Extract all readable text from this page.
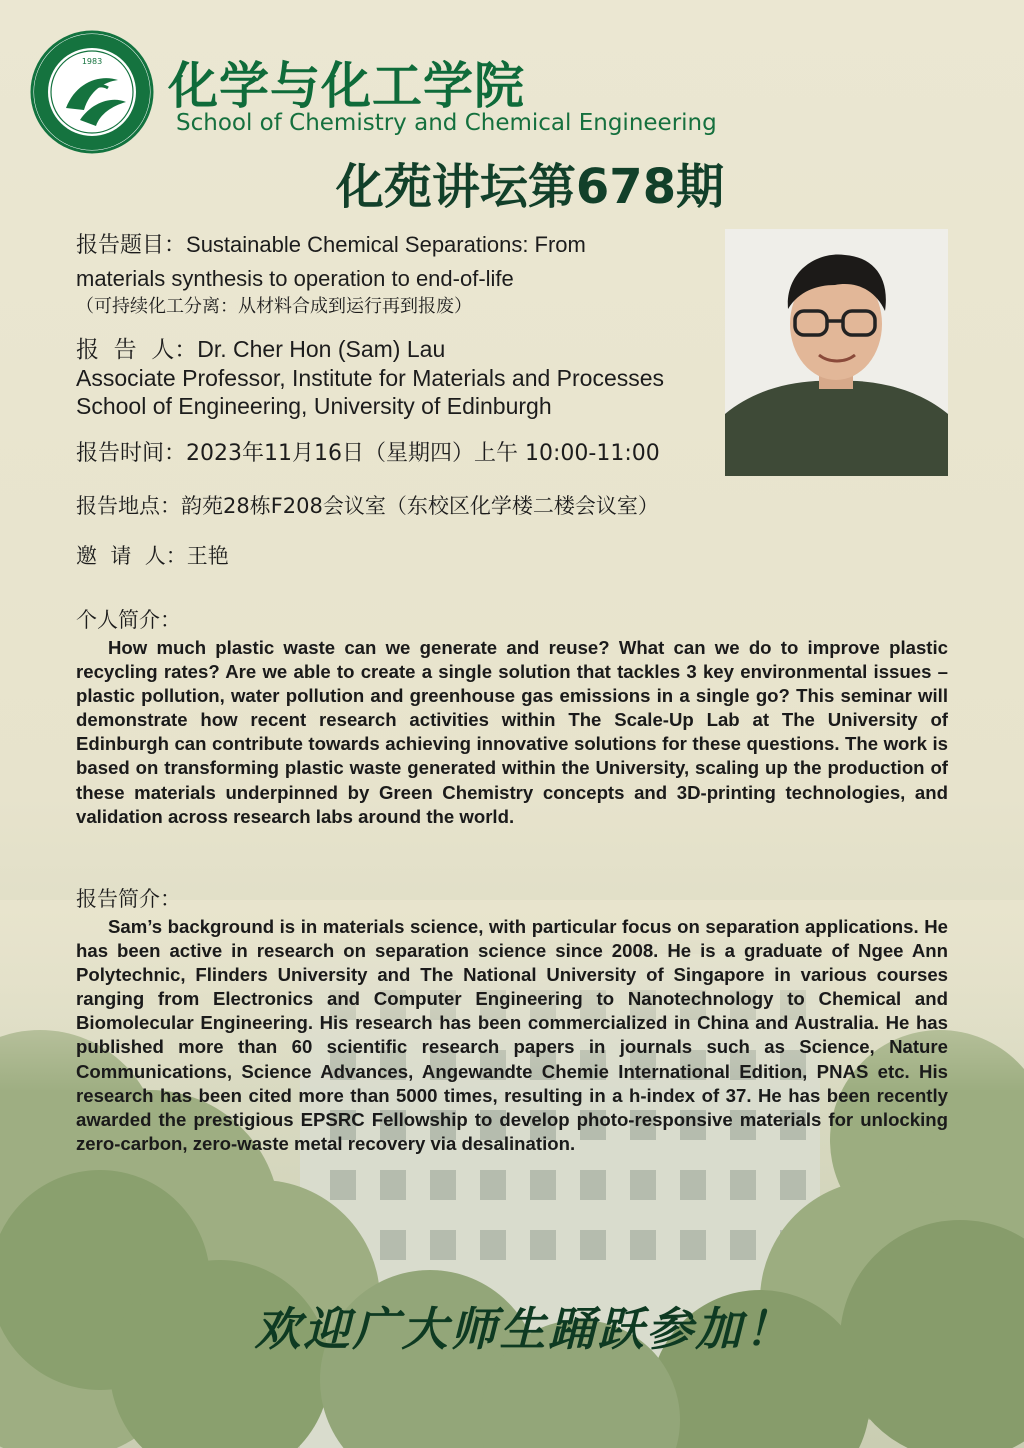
1983 化学与化工学院
School of Chemistry and Chemical Engineering
化苑讲坛第678期
报告题目：Sustainable Chemical Separations: From
materials synthesis to operation to end-of-life
（可持续化工分离：从材料合成到运行再到报废）
报  告  人：Dr. Cher Hon (Sam) Lau
Associate Professor, Institute for Materials and Processes
School of Engineering, University of Edinburgh
报告时间：2023年11月16日（星期四）上午 10:00-11:00
报告地点：韵苑28栋F208会议室（东校区化学楼二楼会议室）
邀  请  人：王艳
个人简介：
How much plastic waste can we generate and reuse? What can we do to improve plastic recycling rates? Are we able to create a single solution that tackles 3 key environmental issues – plastic pollution, water pollution and greenhouse gas emissions in a single go? This seminar will demonstrate how recent research activities within The Scale-Up Lab at The University of Edinburgh can contribute towards achieving innovative solutions for these questions. The work is based on transforming plastic waste generated within the University, scaling up the production of these materials underpinned by Green Chemistry concepts and 3D-printing technologies, and validation across research labs around the world.
报告简介：
Sam’s background is in materials science, with particular focus on separation applications. He has been active in research on separation science since 2008. He is a graduate of Ngee Ann Polytechnic, Flinders University and The National University of Singapore in various courses ranging from Electronics and Computer Engineering to Nanotechnology to Chemical and Biomolecular Engineering. His research has been commercialized in China and Australia. He has published more than 60 scientific research papers in journals such as Science, Nature Communications, Science Advances, Angewandte Chemie International Edition, PNAS etc. His research has been cited more than 5000 times, resulting in a h-index of 37. He has been recently awarded the prestigious EPSRC Fellowship to develop photo-responsive materials for unlocking zero-carbon, zero-waste metal recovery via desalination.
欢迎广大师生踊跃参加！
